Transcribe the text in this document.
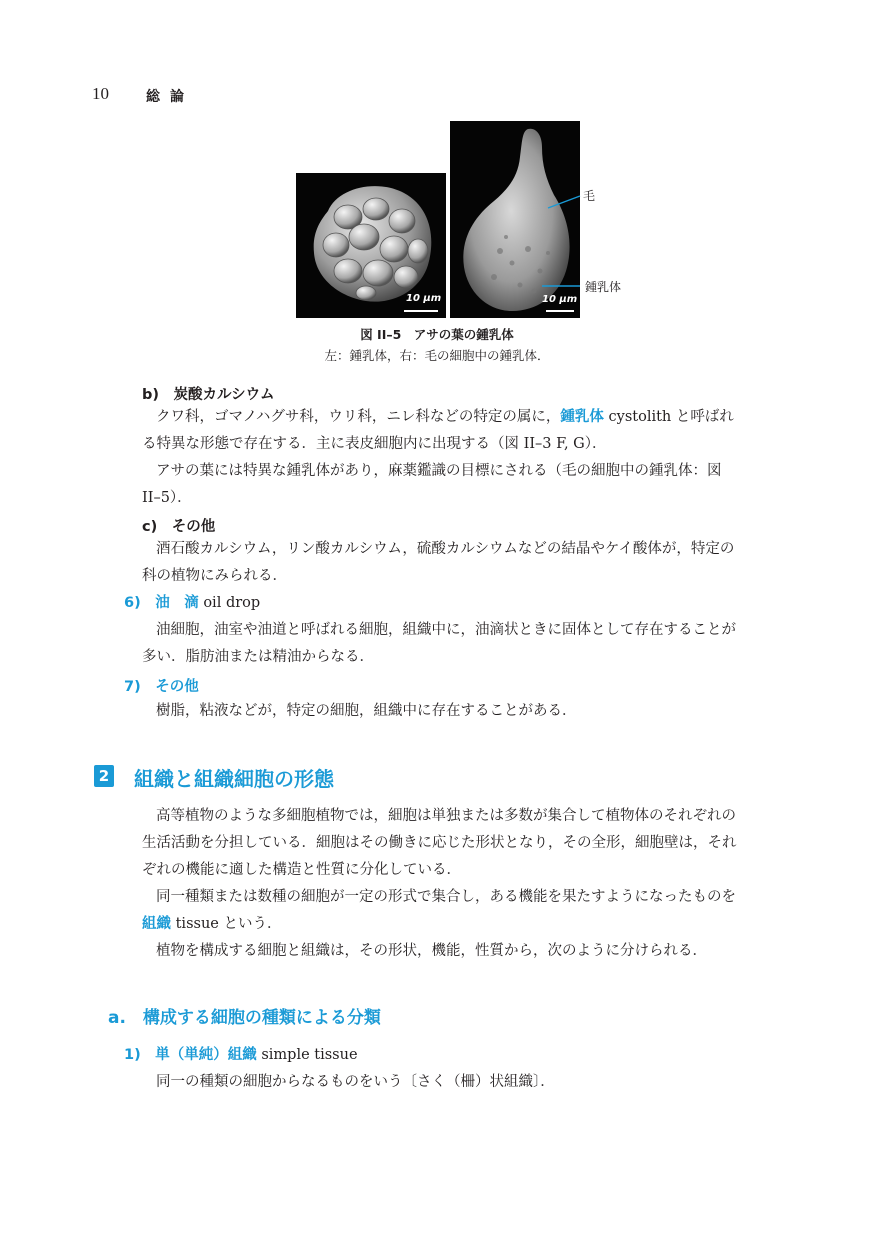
10	総論
10 μm	10 μm
毛
鍾乳体
図 II–5　アサの葉の鍾乳体
左：鍾乳体，右：毛の細胞中の鍾乳体．
b)　炭酸カルシウム
クワ科，ゴマノハグサ科，ウリ科，ニレ科などの特定の属に，鍾乳体 cystolith と呼ばれ
る特異な形態で存在する．主に表皮細胞内に出現する（図 II–3 F, G）．
アサの葉には特異な鍾乳体があり，麻薬鑑識の目標にされる（毛の細胞中の鍾乳体：図
II–5）．
c)　その他
酒石酸カルシウム，リン酸カルシウム，硫酸カルシウムなどの結晶やケイ酸体が，特定の
科の植物にみられる．
6)　油　滴 oil drop
油細胞，油室や油道と呼ばれる細胞，組織中に，油滴状ときに固体として存在することが
多い．脂肪油または精油からなる．
7)　その他
樹脂，粘液などが，特定の細胞，組織中に存在することがある．
2 組織と組織細胞の形態
高等植物のような多細胞植物では，細胞は単独または多数が集合して植物体のそれぞれの
生活活動を分担している．細胞はその働きに応じた形状となり，その全形，細胞壁は，それ
ぞれの機能に適した構造と性質に分化している．
同一種類または数種の細胞が一定の形式で集合し，ある機能を果たすようになったものを
組織 tissue という．
植物を構成する細胞と組織は，その形状，機能，性質から，次のように分けられる．
a.　構成する細胞の種類による分類
1)　単（単純）組織 simple tissue
同一の種類の細胞からなるものをいう〔さく（柵）状組織〕．
